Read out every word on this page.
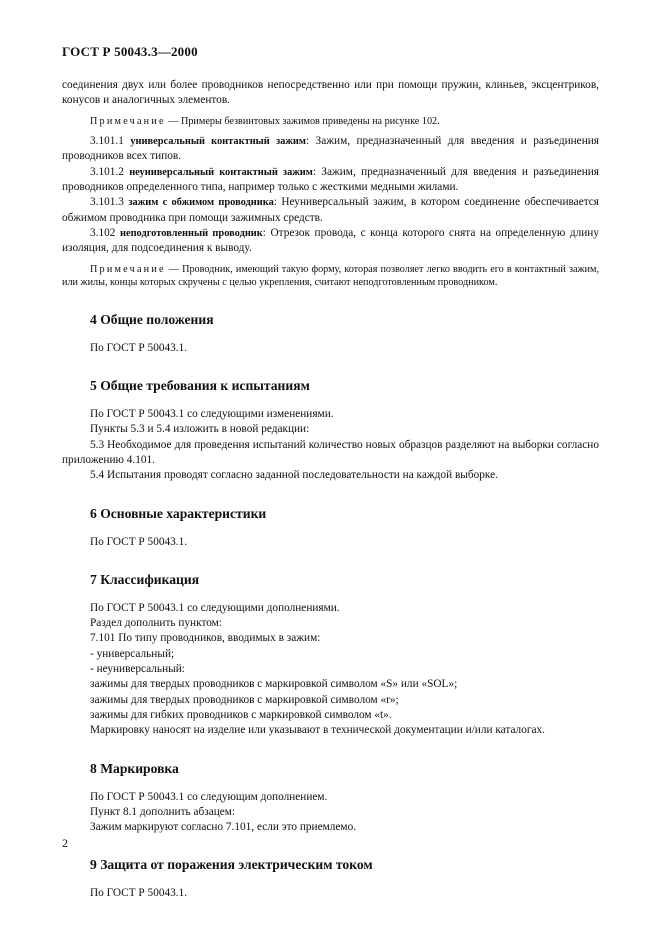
ГОСТ Р 50043.3—2000

соединения двух или более проводников непосредственно или при помощи пружин, клиньев, эксцентриков, конусов и аналогичных элементов.

Примечание — Примеры безвинтовых зажимов приведены на рисунке 102.

3.101.1 универсальный контактный зажим: Зажим, предназначенный для введения и разъединения проводников всех типов.

3.101.2 неуниверсальный контактный зажим: Зажим, предназначенный для введения и разъединения проводников определенного типа, например только с жесткими медными жилами.

3.101.3 зажим с обжимом проводника: Неуниверсальный зажим, в котором соединение обеспечивается обжимом проводника при помощи зажимных средств.

3.102 неподготовленный проводник: Отрезок провода, с конца которого снята на определенную длину изоляция, для подсоединения к выводу.

Примечание — Проводник, имеющий такую форму, которая позволяет легко вводить его в контактный зажим, или жилы, концы которых скручены с целью укрепления, считают неподготовленным проводником.

4 Общие положения

По ГОСТ Р 50043.1.

5 Общие требования к испытаниям

По ГОСТ Р 50043.1 со следующими изменениями.

Пункты 5.3 и 5.4 изложить в новой редакции:

5.3 Необходимое для проведения испытаний количество новых образцов разделяют на выборки согласно приложению 4.101.

5.4 Испытания проводят согласно заданной последовательности на каждой выборке.

6 Основные характеристики

По ГОСТ Р 50043.1.

7 Классификация

По ГОСТ Р 50043.1 со следующими дополнениями.

Раздел дополнить пунктом:

7.101 По типу проводников, вводимых в зажим:

- универсальный;

- неуниверсальный:

зажимы для твердых проводников с маркировкой символом «S» или «SOL»;

зажимы для твердых проводников с маркировкой символом «r»;

зажимы для гибких проводников с маркировкой символом «t».

Маркировку наносят на изделие или указывают в технической документации и/или каталогах.

8 Маркировка

По ГОСТ Р 50043.1 со следующим дополнением.

Пункт 8.1 дополнить абзацем:

Зажим маркируют согласно 7.101, если это приемлемо.

9 Защита от поражения электрическим током

По ГОСТ Р 50043.1.

2
